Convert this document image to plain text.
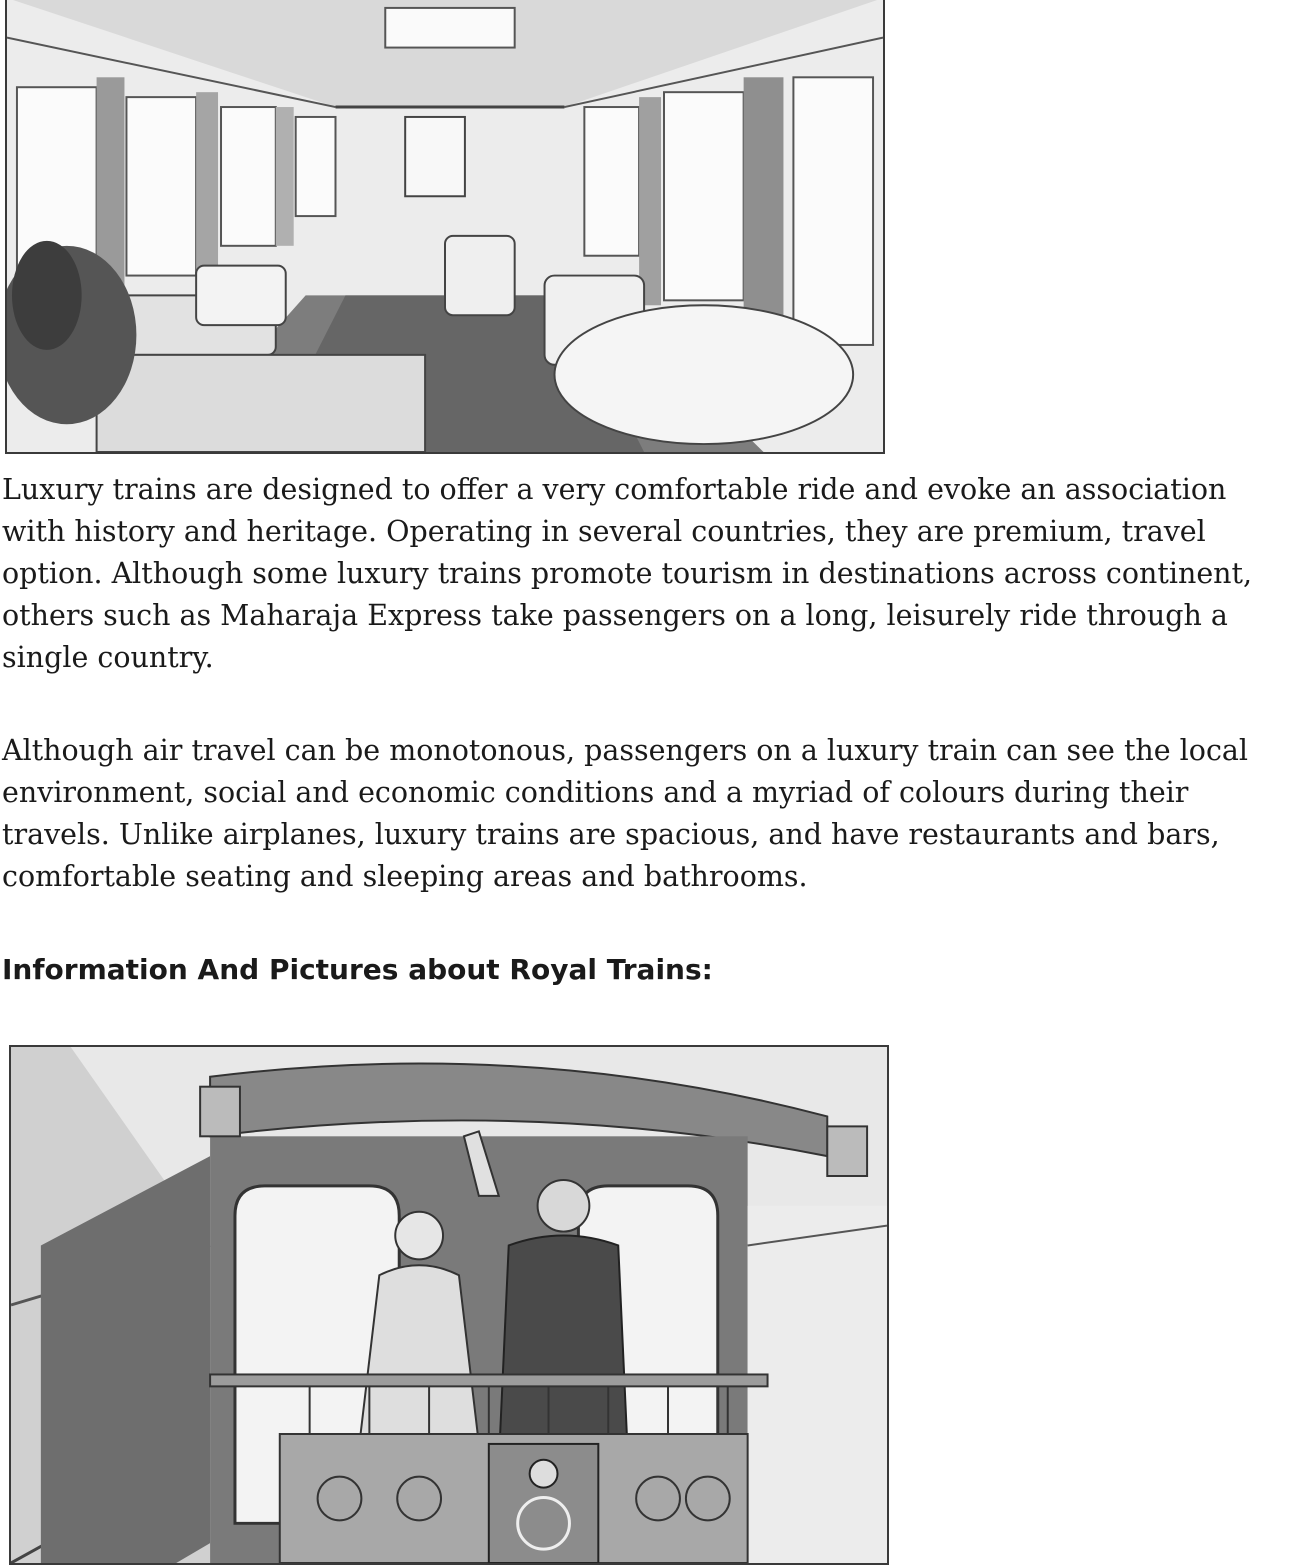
Luxury trains are designed to offer a very comfortable ride and evoke an association with history and heritage. Operating in several countries, they are premium, travel option. Although some luxury trains promote tourism in destinations across continent, others such as Maharaja Express take passengers on a long, leisurely ride through a single country.

Although air travel can be monotonous, passengers on a luxury train can see the local environment, social and economic conditions and a myriad of colours during their travels. Unlike airplanes, luxury trains are spacious, and have restaurants and bars, comfortable seating and sleeping areas and bathrooms.

Information And Pictures about Royal Trains:
